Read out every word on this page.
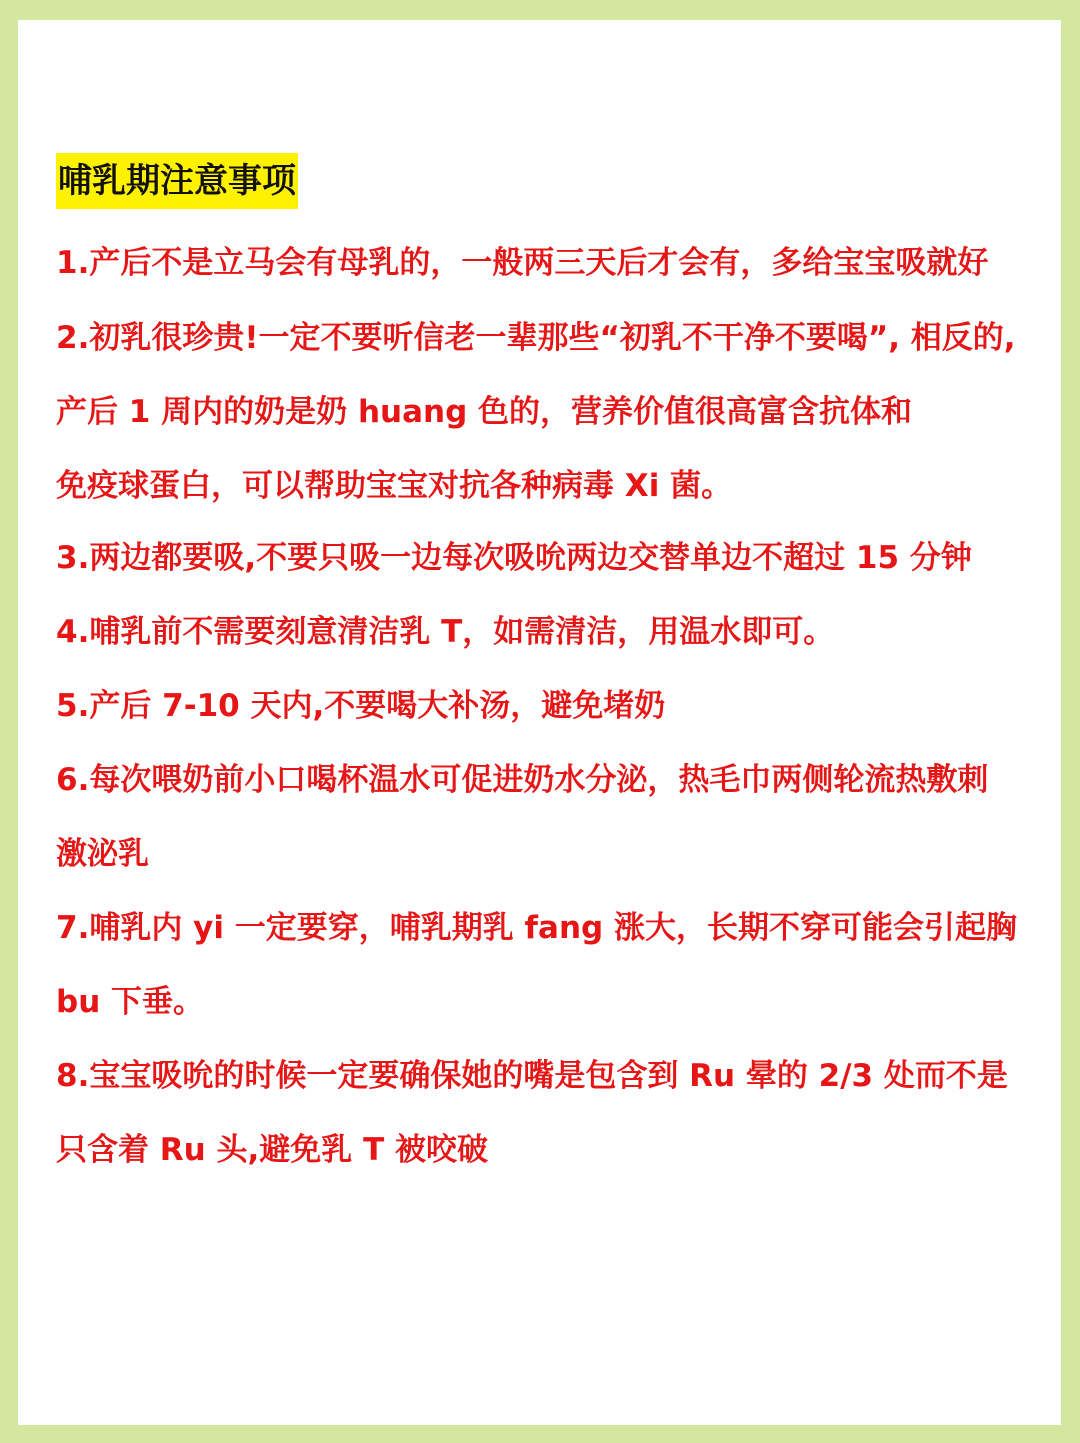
哺乳期注意事项
1.产后不是立马会有母乳的，一般两三天后才会有，多给宝宝吸就好
2.初乳很珍贵!一定不要听信老一辈那些“初乳不干净不要喝”, 相反的,
产后 1 周内的奶是奶 huang 色的，营养价值很高富含抗体和
免疫球蛋白，可以帮助宝宝对抗各种病毒 Xi 菌。
3.两边都要吸,不要只吸一边每次吸吮两边交替单边不超过 15 分钟
4.哺乳前不需要刻意清洁乳 T，如需清洁，用温水即可。
5.产后 7-10 天内,不要喝大补汤，避免堵奶
6.每次喂奶前小口喝杯温水可促进奶水分泌，热毛巾两侧轮流热敷刺
激泌乳
7.哺乳内 yi 一定要穿，哺乳期乳 fang 涨大，长期不穿可能会引起胸
bu 下垂。
8.宝宝吸吮的时候一定要确保她的嘴是包含到 Ru 晕的 2/3 处而不是
只含着 Ru 头,避免乳 T 被咬破
